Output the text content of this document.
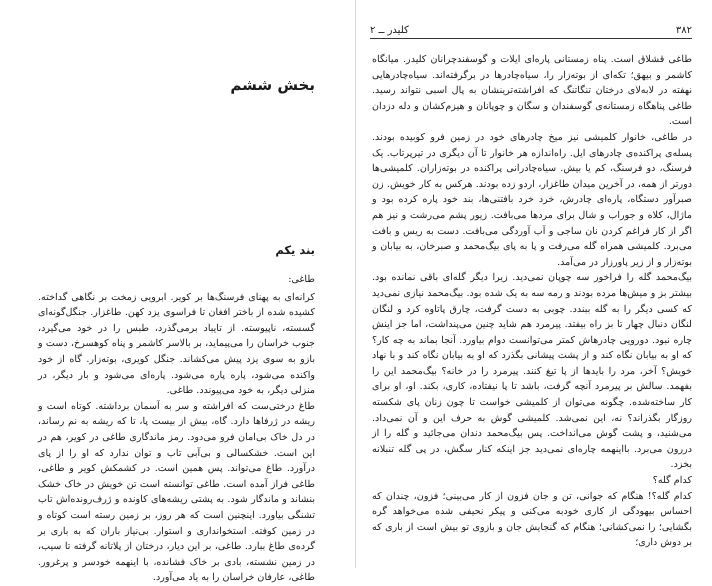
بخش ششم
بند یکم

طاغی:

کرانه‌ای به پهنای فرسنگ‌ها بر کویر. ابرویی زمخت بر نگاهی گداخته. کشیده شده از باختر افغان تا فراسوی یزد کهن. طاغزار. جنگل‌گونه‌ای گسسته، ناپیوسته. از تایباد برمی‌گذرد، طبس را در خود می‌گیرد، جنوب خراسان را می‌پیماید، بر بالاسر کاشمر و پناه کوهسرخ، دست و بازو به سوی یزد پیش می‌کشاند. جنگل کویری، بوته‌زار. گاه از خود واکنده می‌شود، پاره پاره می‌شود. پاره‌ای می‌شود و بار دیگر، در منزلی دیگر، به خود می‌پیوندد. طاغی.

طاغ درختی‌ست که افراشته و سر به آسمان برداشته. کوتاه است و ریشه در ژرفاها دارد. گاه، بیش از بیست پا، تا که ریشه به نم رساند، در دل خاک بی‌امان فرو می‌دود. رمز ماندگاری طاغی در کویر، هم در این است. خشکسالی و بی‌آبی تاب و توان ندارد که او را از پای درآورد. طاغ می‌تواند. پس همین است. در کشمکش کویر و طاغی، طاغی فراز آمده است. طاغی توانسته است تن خویش در خاک خشک بنشاند و ماندگار شود. به پشتی ریشه‌های کاونده و ژرف‌رونده‌اش تاب تشنگی بیاورد. اینچنین است که هر روز، بر زمین رسته است کوتاه و در زمین کوفته. استخوانداری و استوار. بی‌نیاز باران که به باری بر گرده‌ی طاغ ببارد. طاغی، بر این دیار، درختان از پلاتانه گرفته تا سیب، در زمین نشسته، بادی بر خاک فشانده، با اینهمه خودسر و پرغرور. طاغی، عارفان خراسان را به یاد می‌آورد.

کلیدر ــ ۲	۳۸۲

طاغی قشلاق است. پناه زمستانی پاره‌ای ایلات و گوسفندچرانان کلیدر. میانگاه کاشمر و بیهق؛ تکه‌ای از بوته‌زار را، سیاه‌چادرها در برگرفته‌اند. سیاه‌چادرهایی نهفته در لابه‌لای درختان تنگاتنگ که افراشته‌ترینشان به پال اسبی نتواند رسید. طاغی پناهگاه زمستانه‌ی گوسفندان و سگان و چوپانان و هیزم‌کشان و دله دزدان است.

در طاغی، خانوار کلمیشی نیز میخ چادرهای خود در زمین فرو کوبیده بودند. پسله‌ی پراکنده‌ی چادرهای ایل. راه‌اندازه هر خانوار تا آن دیگری در تیرپرتاب. یک فرسنگ، دو فرسنگ، کم یا بیش. سیاه‌چادرانی پراکنده در بوته‌زاران. کلمیشی‌ها دورتر از همه، در آخرین میدان طاغزار، اردو زده بودند. هرکس به کار خویش. زن صبرآور دستگاه، پاره‌ای چادرش، خرد خرد بافتنی‌ها، بند خود پاره کرده بود و ماژال، کلاه و جوراب و شال برای مردها می‌بافت. زیور پشم می‌رشت و نیز هم اگر از کار فراغم کردن نان ساجی و آب آوردگی می‌بافت. دست به ریس و بافت می‌برد. کلمیشی همراه گله می‌رفت و پا به پای بیگ‌محمد و صبرخان، به بیابان و بوته‌زار و از زیر پاورزار در می‌آمد.

بیگ‌محمد گله را فراخور سه چوپان نمی‌دید. زیرا دیگر گله‌ای باقی نمانده بود. بیشتر بز و میش‌ها مرده بودند و رمه سه به یک شده بود. بیگ‌محمد نیازی نمی‌دید که کسی دیگر را به گله ببندد. چوبی به دست گرفت، چارق پاتاوه کرد و لنگان لنگان دنبال چهار تا بز راه بیفتد. پیرمرد هم شاید چنین می‌پنداشت، اما جز اینش چاره نبود. دورویی چادرهاش کمتر می‌توانست دوام بیاورد. آنجا بماند به چه کار؟ که او به بیابان نگاه کند و از پشت پیشانی بگذرد که او به بیابان نگاه کند و با نهاد خویش؟ آخر، مرد را بایدها از پا تیغ کنند. پیرمرد را در خانه؟ بیگ‌محمد این را بفهمد. سالش بر پیرمرد آنچه گرفت، باشد تا پا نیفتاده، کاری، بکند. او، او برای کار ساخته‌شده. چگونه می‌توان از کلمیشی خواست تا چون زنان پای شکسته روزگار بگذراند؟ نه، این نمی‌شد. کلمیشی گوش به حرف این و آن نمی‌داد. می‌شنید، و پشت گوش می‌انداخت. پس بیگ‌محمد دندان می‌جائید و گله را از دررون می‌برد. بااینهمه چاره‌ای نمی‌دید جز اینکه کنار سگش، در پی گله تنبلانه بخزد.

کدام گله؟

کدام گله؟! هنگام که جوانی، تن و جان فزون از کار می‌بینی؛ فزون، چندان که احساس بیهودگی از کاری خودبه می‌کنی و پیکر نحیفی شده می‌خواهد گره بگشایی؛ را نمی‌کشانی؛ هنگام که گنجایش جان و بازوی تو بیش است از باری که بر دوش داری؛
